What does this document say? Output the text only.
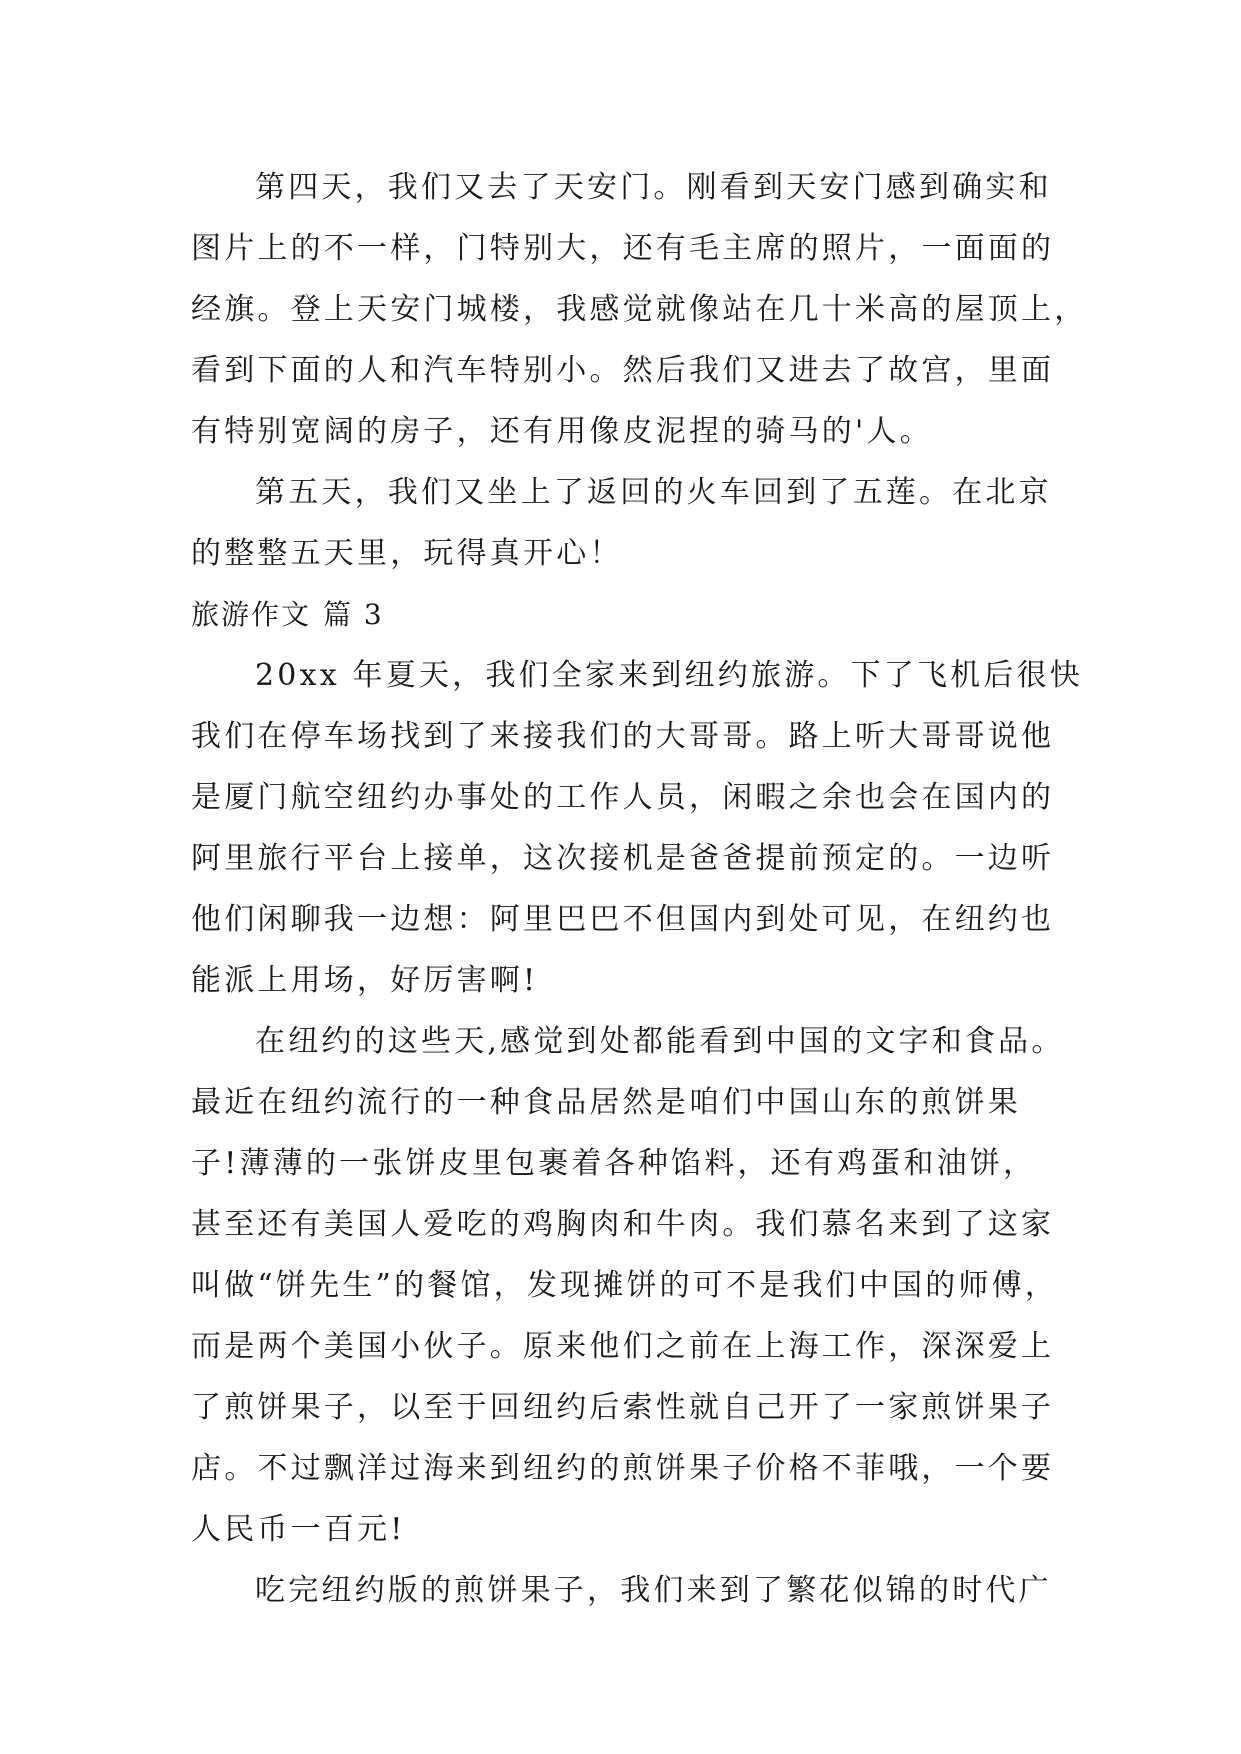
第四天，我们又去了天安门。刚看到天安门感到确实和
图片上的不一样，门特别大，还有毛主席的照片，一面面的
经旗。登上天安门城楼，我感觉就像站在几十米高的屋顶上，
看到下面的人和汽车特别小。然后我们又进去了故宫，里面
有特别宽阔的房子，还有用像皮泥捏的骑马的'人。
第五天，我们又坐上了返回的火车回到了五莲。在北京
的整整五天里，玩得真开心！
旅游作文 篇 3
20xx 年夏天，我们全家来到纽约旅游。下了飞机后很快
我们在停车场找到了来接我们的大哥哥。路上听大哥哥说他
是厦门航空纽约办事处的工作人员，闲暇之余也会在国内的
阿里旅行平台上接单，这次接机是爸爸提前预定的。一边听
他们闲聊我一边想：阿里巴巴不但国内到处可见，在纽约也
能派上用场，好厉害啊!
在纽约的这些天,感觉到处都能看到中国的文字和食品。
最近在纽约流行的一种食品居然是咱们中国山东的煎饼果
子!薄薄的一张饼皮里包裹着各种馅料，还有鸡蛋和油饼，
甚至还有美国人爱吃的鸡胸肉和牛肉。我们慕名来到了这家
叫做“饼先生”的餐馆，发现摊饼的可不是我们中国的师傅，
而是两个美国小伙子。原来他们之前在上海工作，深深爱上
了煎饼果子，以至于回纽约后索性就自己开了一家煎饼果子
店。不过飘洋过海来到纽约的煎饼果子价格不菲哦，一个要
人民币一百元!
吃完纽约版的煎饼果子，我们来到了繁花似锦的时代广
